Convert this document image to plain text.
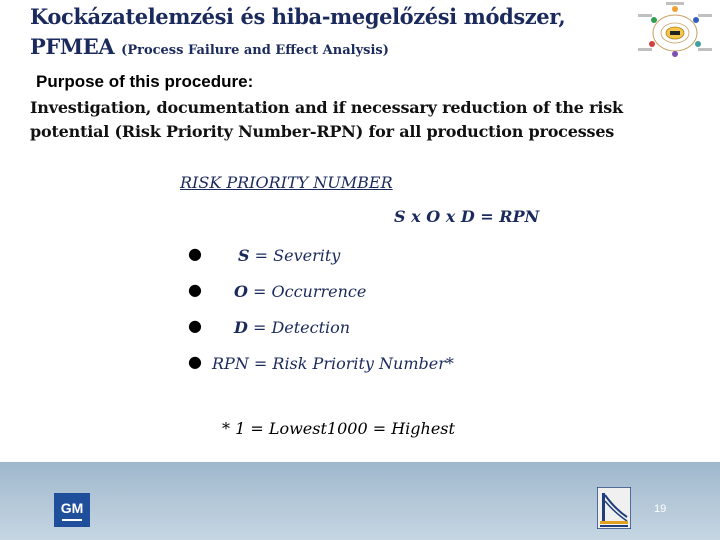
Kockázatelemzési és hiba-megelőzési módszer,
PFMEA (Process Failure and Effect Analysis)
Purpose of this procedure:
Investigation, documentation and if necessary reduction of the risk potential (Risk Priority Number-RPN) for all production processes
RISK PRIORITY NUMBER
S x O x D = RPN
● S = Severity
● O = Occurrence
● D = Detection
● RPN = Risk Priority Number*
* 1 = Lowest1000 = Highest
GM	19
